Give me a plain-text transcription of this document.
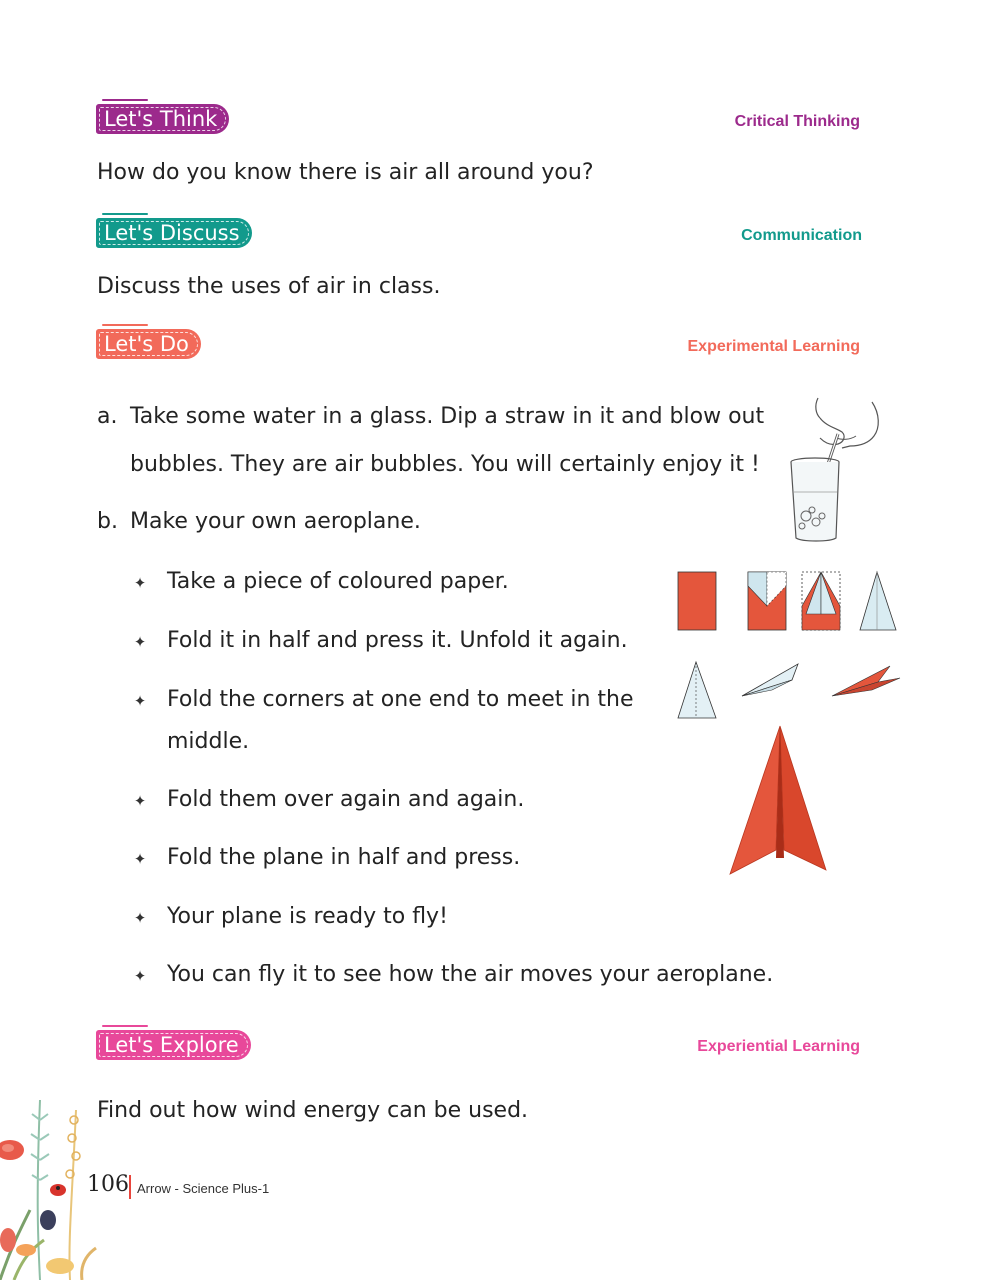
Let's Think	Critical Thinking
How do you know there is air all around you?
Let's Discuss	Communication
Discuss the uses of air in class.
Let's Do	Experimental Learning
a. Take some water in a glass. Dip a straw in it and blow out
bubbles. They are air bubbles. You will certainly enjoy it !
b. Make your own aeroplane.
✦ Take a piece of coloured paper.
✦ Fold it in half and press it. Unfold it again.
✦ Fold the corners at one end to meet in the
middle.
✦ Fold them over again and again.
✦ Fold the plane in half and press.
✦ Your plane is ready to fly!
✦ You can fly it to see how the air moves your aeroplane.
Let's Explore	Experiential Learning
Find out how wind energy can be used.
106 Arrow - Science Plus-1
